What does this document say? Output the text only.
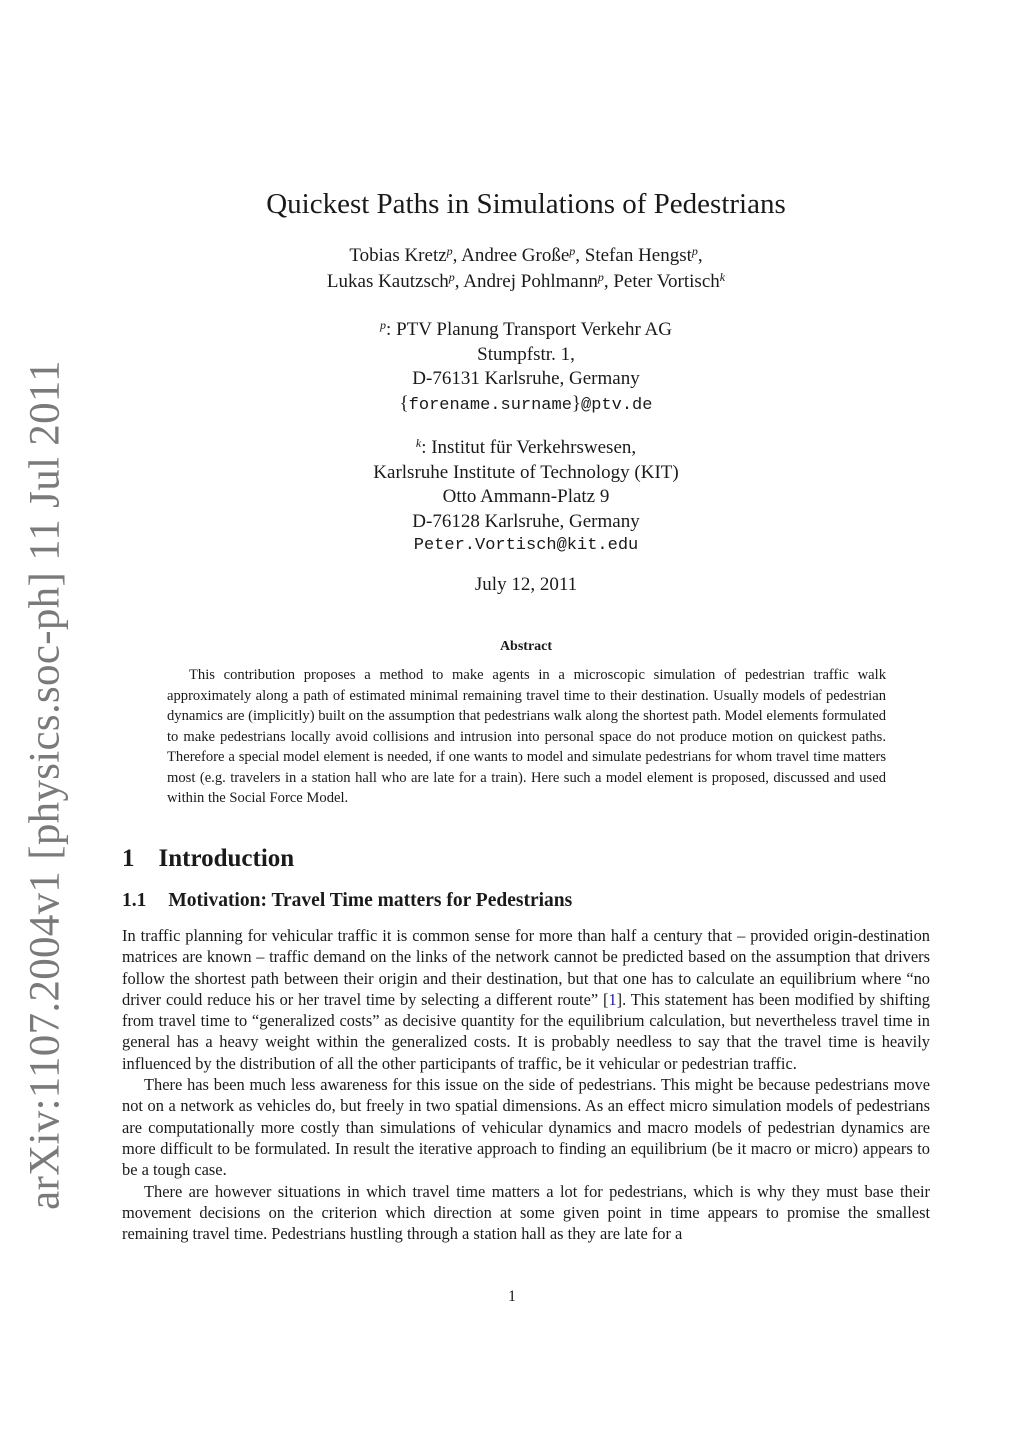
arXiv:1107.2004v1 [physics.soc-ph] 11 Jul 2011
Quickest Paths in Simulations of Pedestrians
Tobias Kretz$^p$, Andree Große$^p$, Stefan Hengst$^p$,
Lukas Kautzsch$^p$, Andrej Pohlmann$^p$, Peter Vortisch$^k$
$^p$: PTV Planung Transport Verkehr AG
Stumpfstr. 1,
D-76131 Karlsruhe, Germany
{forename.surname}@ptv.de
$^k$: Institut für Verkehrswesen,
Karlsruhe Institute of Technology (KIT)
Otto Ammann-Platz 9
D-76128 Karlsruhe, Germany
Peter.Vortisch@kit.edu
July 12, 2011
Abstract

This contribution proposes a method to make agents in a microscopic simulation of pedestrian traffic walk approximately along a path of estimated minimal remaining travel time to their destination. Usually models of pedestrian dynamics are (implicitly) built on the assumption that pedestrians walk along the shortest path. Model elements formulated to make pedestrians locally avoid collisions and intrusion into personal space do not produce motion on quickest paths. Therefore a special model element is needed, if one wants to model and simulate pedestrians for whom travel time matters most (e.g. travelers in a station hall who are late for a train). Here such a model element is proposed, discussed and used within the Social Force Model.

1 Introduction
1.1 Motivation: Travel Time matters for Pedestrians

In traffic planning for vehicular traffic it is common sense for more than half a century that – provided origin-destination matrices are known – traffic demand on the links of the network cannot be predicted based on the assumption that drivers follow the shortest path between their origin and their destination, but that one has to calculate an equilibrium where “no driver could reduce his or her travel time by selecting a different route” [1]. This statement has been modified by shifting from travel time to “generalized costs” as decisive quantity for the equilibrium calculation, but nevertheless travel time in general has a heavy weight within the generalized costs. It is probably needless to say that the travel time is heavily influenced by the distribution of all the other participants of traffic, be it vehicular or pedestrian traffic.

There has been much less awareness for this issue on the side of pedestrians. This might be because pedestrians move not on a network as vehicles do, but freely in two spatial dimensions. As an effect micro simulation models of pedestrians are computationally more costly than simulations of vehicular dynamics and macro models of pedestrian dynamics are more difficult to be formulated. In result the iterative approach to finding an equilibrium (be it macro or micro) appears to be a tough case.

There are however situations in which travel time matters a lot for pedestrians, which is why they must base their movement decisions on the criterion which direction at some given point in time appears to promise the smallest remaining travel time. Pedestrians hustling through a station hall as they are late for a

1
